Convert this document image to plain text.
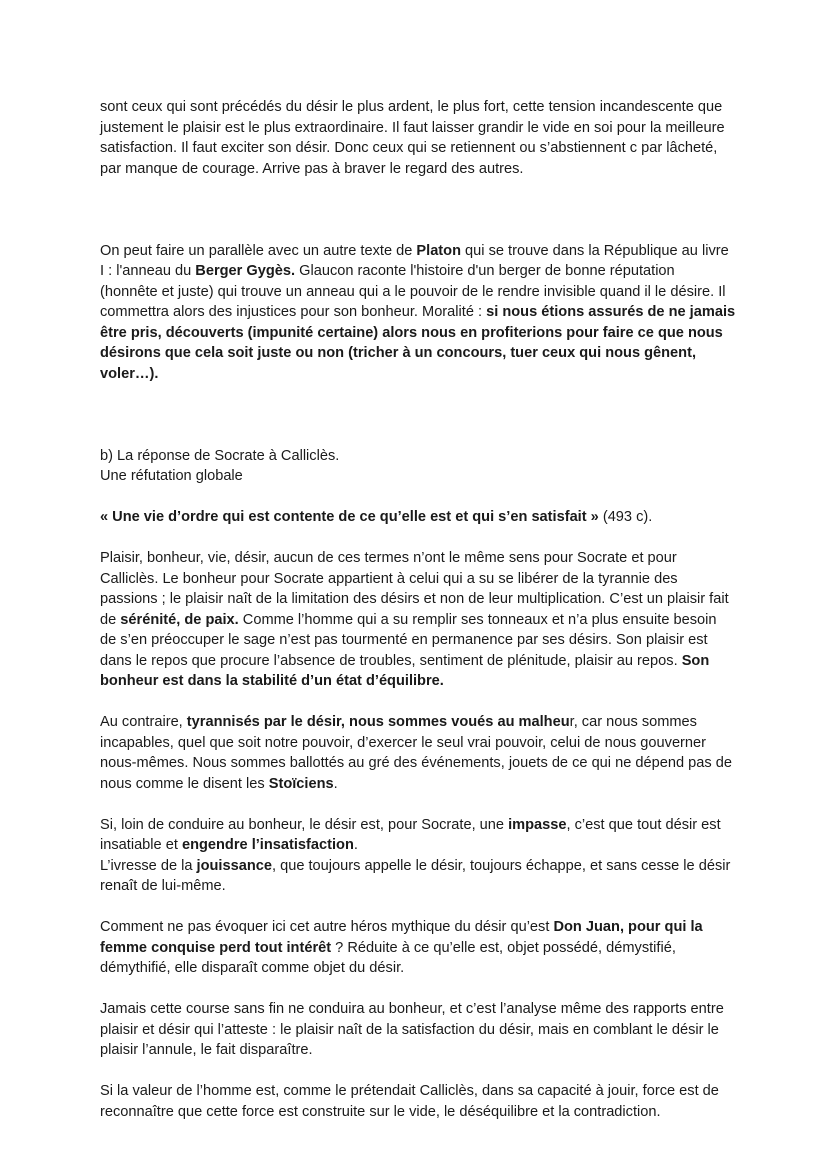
sont ceux qui sont précédés du désir le plus ardent, le plus fort, cette tension incandescente que justement le plaisir est le plus extraordinaire. Il faut laisser grandir le vide en soi pour la meilleure satisfaction. Il faut exciter son désir. Donc ceux qui se retiennent ou s’abstiennent c par lâcheté, par manque de courage. Arrive pas à braver le regard des autres.

On peut faire un parallèle avec un autre texte de Platon qui se trouve dans la République au livre I : l'anneau du Berger Gygès. Glaucon raconte l'histoire d'un berger de bonne réputation (honnête et juste) qui trouve un anneau qui a le pouvoir de le rendre invisible quand il le désire. Il commettra alors des injustices pour son bonheur. Moralité : si nous étions assurés de ne jamais être pris, découverts (impunité certaine) alors nous en profiterions pour faire ce que nous désirons que cela soit juste ou non (tricher à un concours, tuer ceux qui nous gênent, voler…).

b) La réponse de Socrate à Calliclès.
Une réfutation globale

« Une vie d’ordre qui est contente de ce qu’elle est et qui s’en satisfait » (493 c).

Plaisir, bonheur, vie, désir, aucun de ces termes n’ont le même sens pour Socrate et pour Calliclès. Le bonheur pour Socrate appartient à celui qui a su se libérer de la tyrannie des passions ; le plaisir naît de la limitation des désirs et non de leur multiplication. C’est un plaisir fait de sérénité, de paix. Comme l’homme qui a su remplir ses tonneaux et n’a plus ensuite besoin de s’en préoccuper le sage n’est pas tourmenté en permanence par ses désirs. Son plaisir est dans le repos que procure l’absence de troubles, sentiment de plénitude, plaisir au repos. Son bonheur est dans la stabilité d’un état d’équilibre.

Au contraire, tyrannisés par le désir, nous sommes voués au malheur, car nous sommes incapables, quel que soit notre pouvoir, d’exercer le seul vrai pouvoir, celui de nous gouverner nous-mêmes. Nous sommes ballottés au gré des événements, jouets de ce qui ne dépend pas de nous comme le disent les Stoïciens.

Si, loin de conduire au bonheur, le désir est, pour Socrate, une impasse, c’est que tout désir est insatiable et engendre l’insatisfaction.

L’ivresse de la jouissance, que toujours appelle le désir, toujours échappe, et sans cesse le désir renaît de lui-même.

Comment ne pas évoquer ici cet autre héros mythique du désir qu’est Don Juan, pour qui la femme conquise perd tout intérêt ? Réduite à ce qu’elle est, objet possédé, démystifié, démythifié, elle disparaît comme objet du désir.

Jamais cette course sans fin ne conduira au bonheur, et c’est l’analyse même des rapports entre plaisir et désir qui l’atteste : le plaisir naît de la satisfaction du désir, mais en comblant le désir le plaisir l’annule, le fait disparaître.

Si la valeur de l’homme est, comme le prétendait Calliclès, dans sa capacité à jouir, force est de reconnaître que cette force est construite sur le vide, le déséquilibre et la contradiction.
